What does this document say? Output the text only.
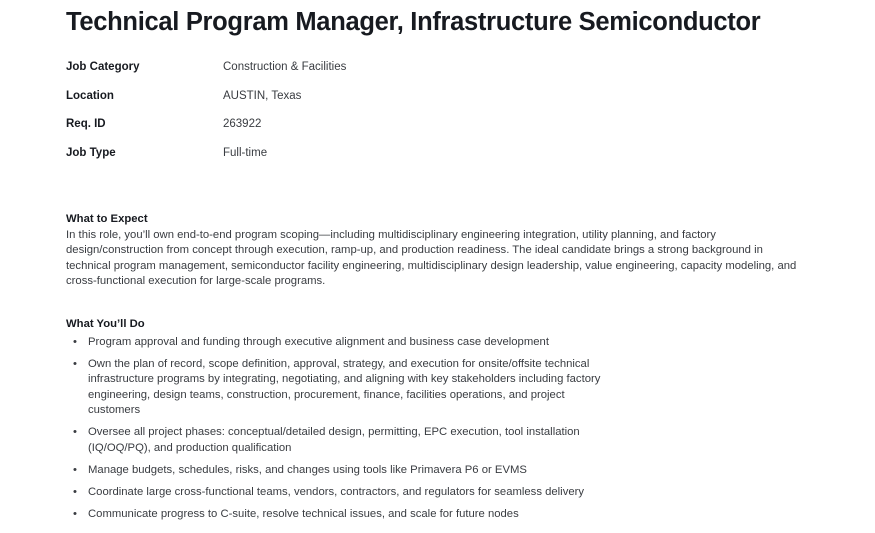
Technical Program Manager, Infrastructure Semiconductor
Job Category	Construction & Facilities
Location	AUSTIN, Texas
Req. ID	263922
Job Type	Full-time
What to Expect
In this role, you’ll own end-to-end program scoping—including multidisciplinary engineering integration, utility planning, and factory design/construction from concept through execution, ramp-up, and production readiness. The ideal candidate brings a strong background in technical program management, semiconductor facility engineering, multidisciplinary design leadership, value engineering, capacity modeling, and cross-functional execution for large-scale programs.
What You’ll Do
• Program approval and funding through executive alignment and business case development
• Own the plan of record, scope definition, approval, strategy, and execution for onsite/offsite technical infrastructure programs by integrating, negotiating, and aligning with key stakeholders including factory engineering, design teams, construction, procurement, finance, facilities operations, and project customers
• Oversee all project phases: conceptual/detailed design, permitting, EPC execution, tool installation (IQ/OQ/PQ), and production qualification
• Manage budgets, schedules, risks, and changes using tools like Primavera P6 or EVMS
• Coordinate large cross-functional teams, vendors, contractors, and regulators for seamless delivery
• Communicate progress to C-suite, resolve technical issues, and scale for future nodes
